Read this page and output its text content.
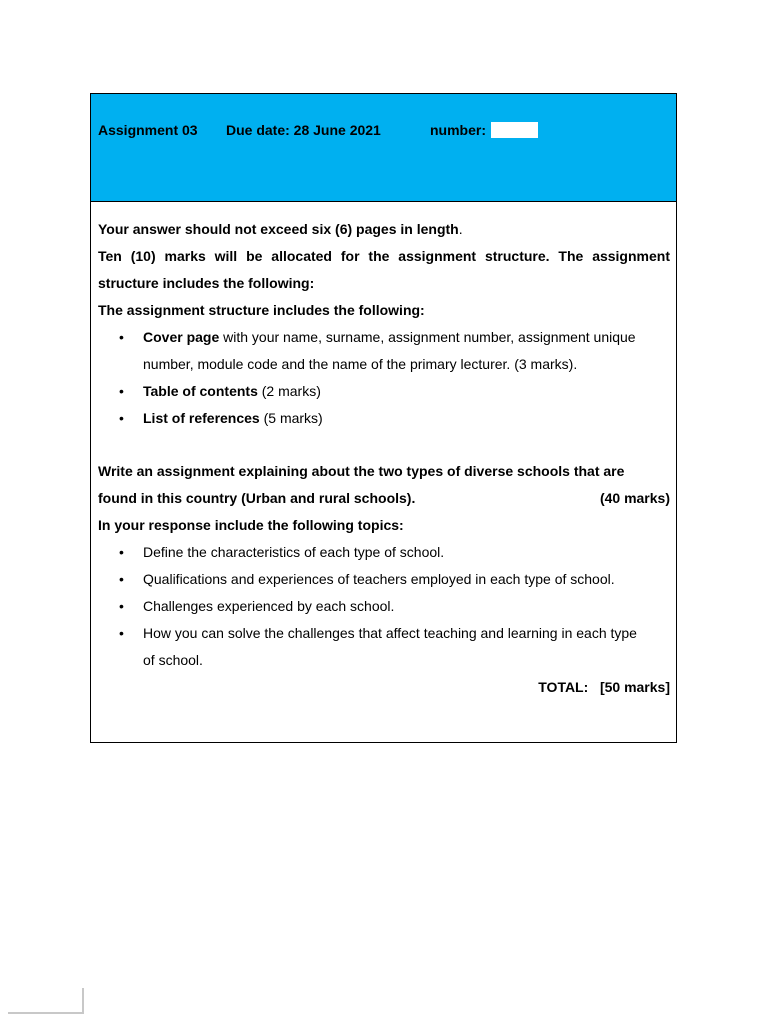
Assignment 03 Due date: 28 June 2021	number:
Your answer should not exceed six (6) pages in length.
Ten (10) marks will be allocated for the assignment structure. The assignment
structure includes the following:
The assignment structure includes the following:
• Cover page with your name, surname, assignment number, assignment unique
number, module code and the name of the primary lecturer. (3 marks).
• Table of contents (2 marks)
• List of references (5 marks)
Write an assignment explaining about the two types of diverse schools that are
found in this country (Urban and rural schools).	(40 marks)
In your response include the following topics:
• Define the characteristics of each type of school.
• Qualifications and experiences of teachers employed in each type of school.
• Challenges experienced by each school.
• How you can solve the challenges that affect teaching and learning in each type
of school.
TOTAL:   [50 marks]
